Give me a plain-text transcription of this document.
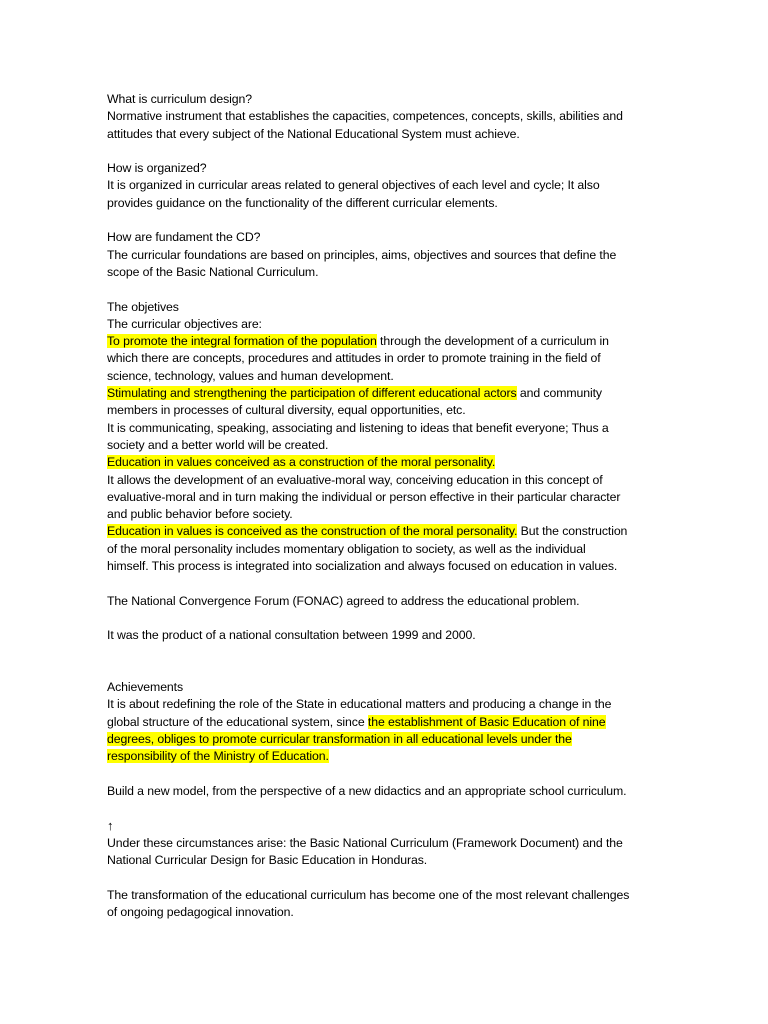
What is curriculum design?
Normative instrument that establishes the capacities, competences, concepts, skills, abilities and
attitudes that every subject of the National Educational System must achieve.
How is organized?
It is organized in curricular areas related to general objectives of each level and cycle; It also
provides guidance on the functionality of the different curricular elements.
How are fundament the CD?
The curricular foundations are based on principles, aims, objectives and sources that define the
scope of the Basic National Curriculum.
The objetives
The curricular objectives are:
To promote the integral formation of the population through the development of a curriculum in
which there are concepts, procedures and attitudes in order to promote training in the field of
science, technology, values and human development.
Stimulating and strengthening the participation of different educational actors and community
members in processes of cultural diversity, equal opportunities, etc.
It is communicating, speaking, associating and listening to ideas that benefit everyone; Thus a
society and a better world will be created.
Education in values conceived as a construction of the moral personality.
It allows the development of an evaluative-moral way, conceiving education in this concept of
evaluative-moral and in turn making the individual or person effective in their particular character
and public behavior before society.
Education in values is conceived as the construction of the moral personality. But the construction
of the moral personality includes momentary obligation to society, as well as the individual
himself. This process is integrated into socialization and always focused on education in values.
The National Convergence Forum (FONAC) agreed to address the educational problem.
It was the product of a national consultation between 1999 and 2000.
Achievements
It is about redefining the role of the State in educational matters and producing a change in the
global structure of the educational system, since the establishment of Basic Education of nine
degrees, obliges to promote curricular transformation in all educational levels under the
responsibility of the Ministry of Education.
Build a new model, from the perspective of a new didactics and an appropriate school curriculum.
↑
Under these circumstances arise: the Basic National Curriculum (Framework Document) and the
National Curricular Design for Basic Education in Honduras.
The transformation of the educational curriculum has become one of the most relevant challenges
of ongoing pedagogical innovation.
